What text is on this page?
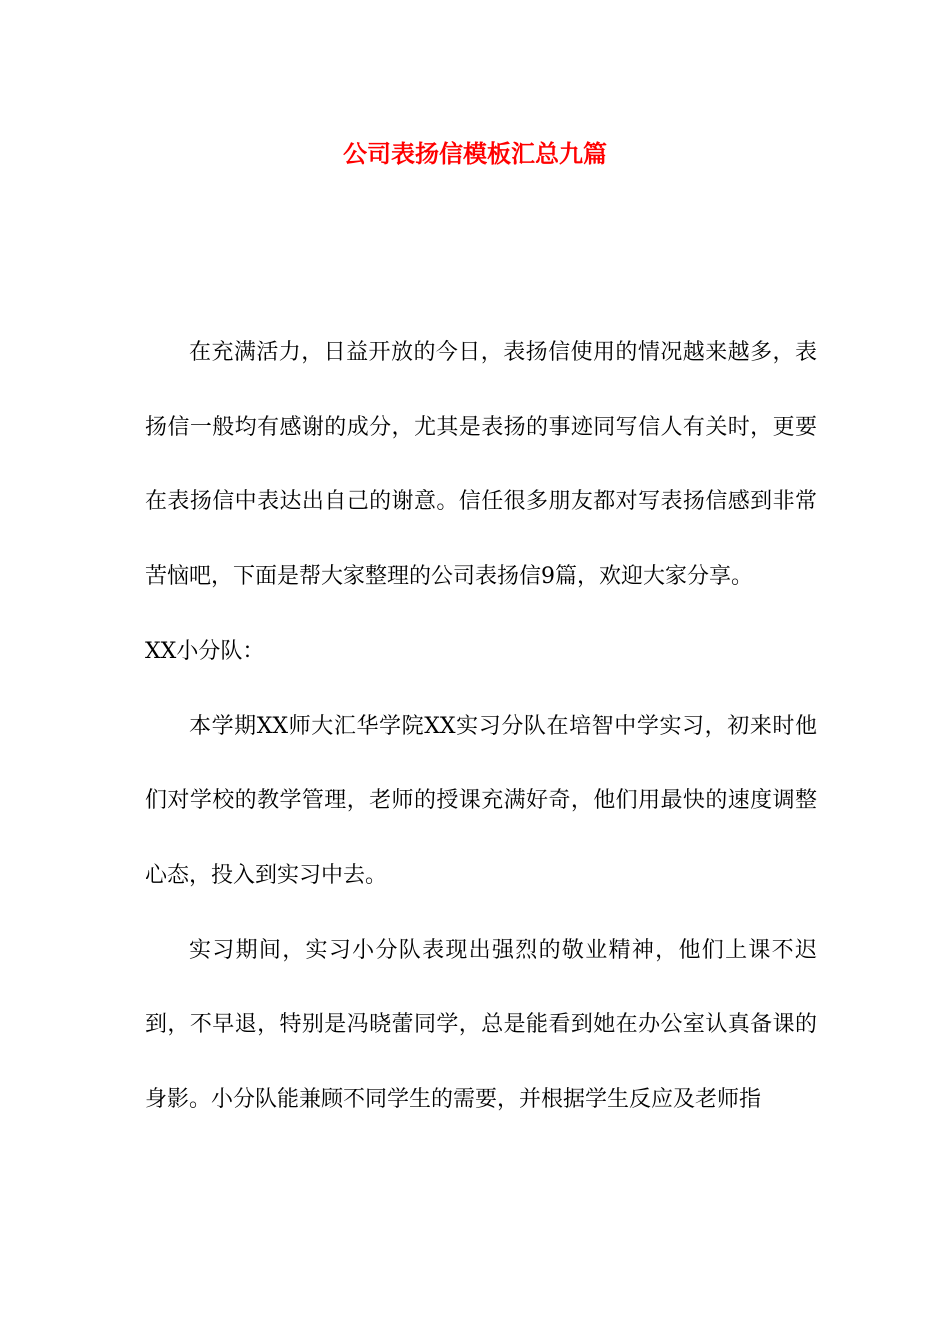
公司表扬信模板汇总九篇

在充满活力，日益开放的今日，表扬信使用的情况越来越多，表扬信一般均有感谢的成分，尤其是表扬的事迹同写信人有关时，更要在表扬信中表达出自己的谢意。信任很多朋友都对写表扬信感到非常苦恼吧，下面是帮大家整理的公司表扬信9篇，欢迎大家分享。

XX小分队：

本学期XX师大汇华学院XX实习分队在培智中学实习，初来时他们对学校的教学管理，老师的授课充满好奇，他们用最快的速度调整心态，投入到实习中去。

实习期间，实习小分队表现出强烈的敬业精神，他们上课不迟到，不早退，特别是冯晓蕾同学，总是能看到她在办公室认真备课的身影。小分队能兼顾不同学生的需要，并根据学生反应及老师指
